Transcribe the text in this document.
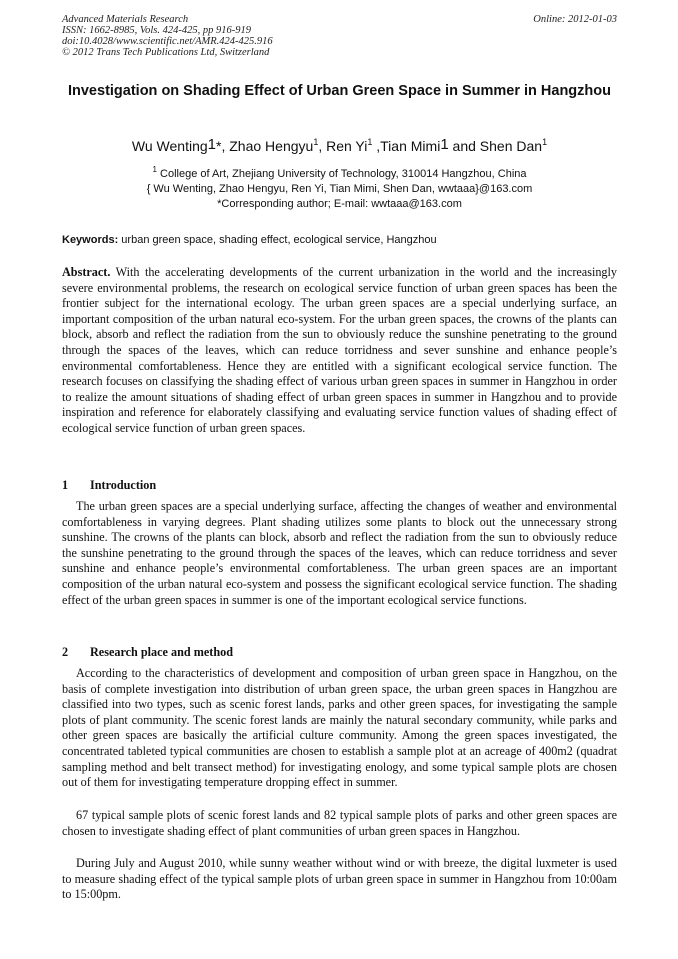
Advanced Materials Research
ISSN: 1662-8985, Vols. 424-425, pp 916-919
doi:10.4028/www.scientific.net/AMR.424-425.916
© 2012 Trans Tech Publications Ltd, Switzerland
Online: 2012-01-03
Investigation on Shading Effect of Urban Green Space in Summer in Hangzhou
Wu Wenting$^1$*, Zhao Hengyu$^1$, Ren Yi$^1$ ,Tian Mimi$^1$ and Shen Dan$^1$
$^1$ College of Art, Zhejiang University of Technology, 310014 Hangzhou, China
{ Wu Wenting, Zhao Hengyu, Ren Yi, Tian Mimi, Shen Dan, wwtaaa}@163.com
*Corresponding author; E-mail: wwtaaa@163.com
Keywords: urban green space, shading effect, ecological service, Hangzhou
Abstract. With the accelerating developments of the current urbanization in the world and the increasingly severe environmental problems, the research on ecological service function of urban green spaces has been the frontier subject for the international ecology. The urban green spaces are a special underlying surface, an important composition of the urban natural eco-system. For the urban green spaces, the crowns of the plants can block, absorb and reflect the radiation from the sun to obviously reduce the sunshine penetrating to the ground through the spaces of the leaves, which can reduce torridness and sever sunshine and enhance people’s environmental comfortableness. Hence they are entitled with a significant ecological service function. The research focuses on classifying the shading effect of various urban green spaces in summer in Hangzhou in order to realize the amount situations of shading effect of urban green spaces in summer in Hangzhou and to provide inspiration and reference for elaborately classifying and evaluating service function values of shading effect of ecological service function of urban green spaces.
1 Introduction
The urban green spaces are a special underlying surface, affecting the changes of weather and environmental comfortableness in varying degrees. Plant shading utilizes some plants to block out the unnecessary strong sunshine. The crowns of the plants can block, absorb and reflect the radiation from the sun to obviously reduce the sunshine penetrating to the ground through the spaces of the leaves, which can reduce torridness and sever sunshine and enhance people’s environmental comfortableness. The urban green spaces are an important composition of the urban natural eco-system and possess the significant ecological service function. The shading effect of the urban green spaces in summer is one of the important ecological service functions.
2 Research place and method
According to the characteristics of development and composition of urban green space in Hangzhou, on the basis of complete investigation into distribution of urban green space, the urban green spaces in Hangzhou are classified into two types, such as scenic forest lands, parks and other green spaces, for investigating the sample plots of plant community. The scenic forest lands are mainly the natural secondary community, while parks and other green spaces are basically the artificial culture community. Among the green spaces investigated, the concentrated tableted typical communities are chosen to establish a sample plot at an acreage of 400m2 (quadrat sampling method and belt transect method) for investigating enology, and some typical sample plots are chosen out of them for investigating temperature dropping effect in summer.
67 typical sample plots of scenic forest lands and 82 typical sample plots of parks and other green spaces are chosen to investigate shading effect of plant communities of urban green spaces in Hangzhou.
During July and August 2010, while sunny weather without wind or with breeze, the digital luxmeter is used to measure shading effect of the typical sample plots of urban green space in summer in Hangzhou from 10:00am to 15:00pm.
